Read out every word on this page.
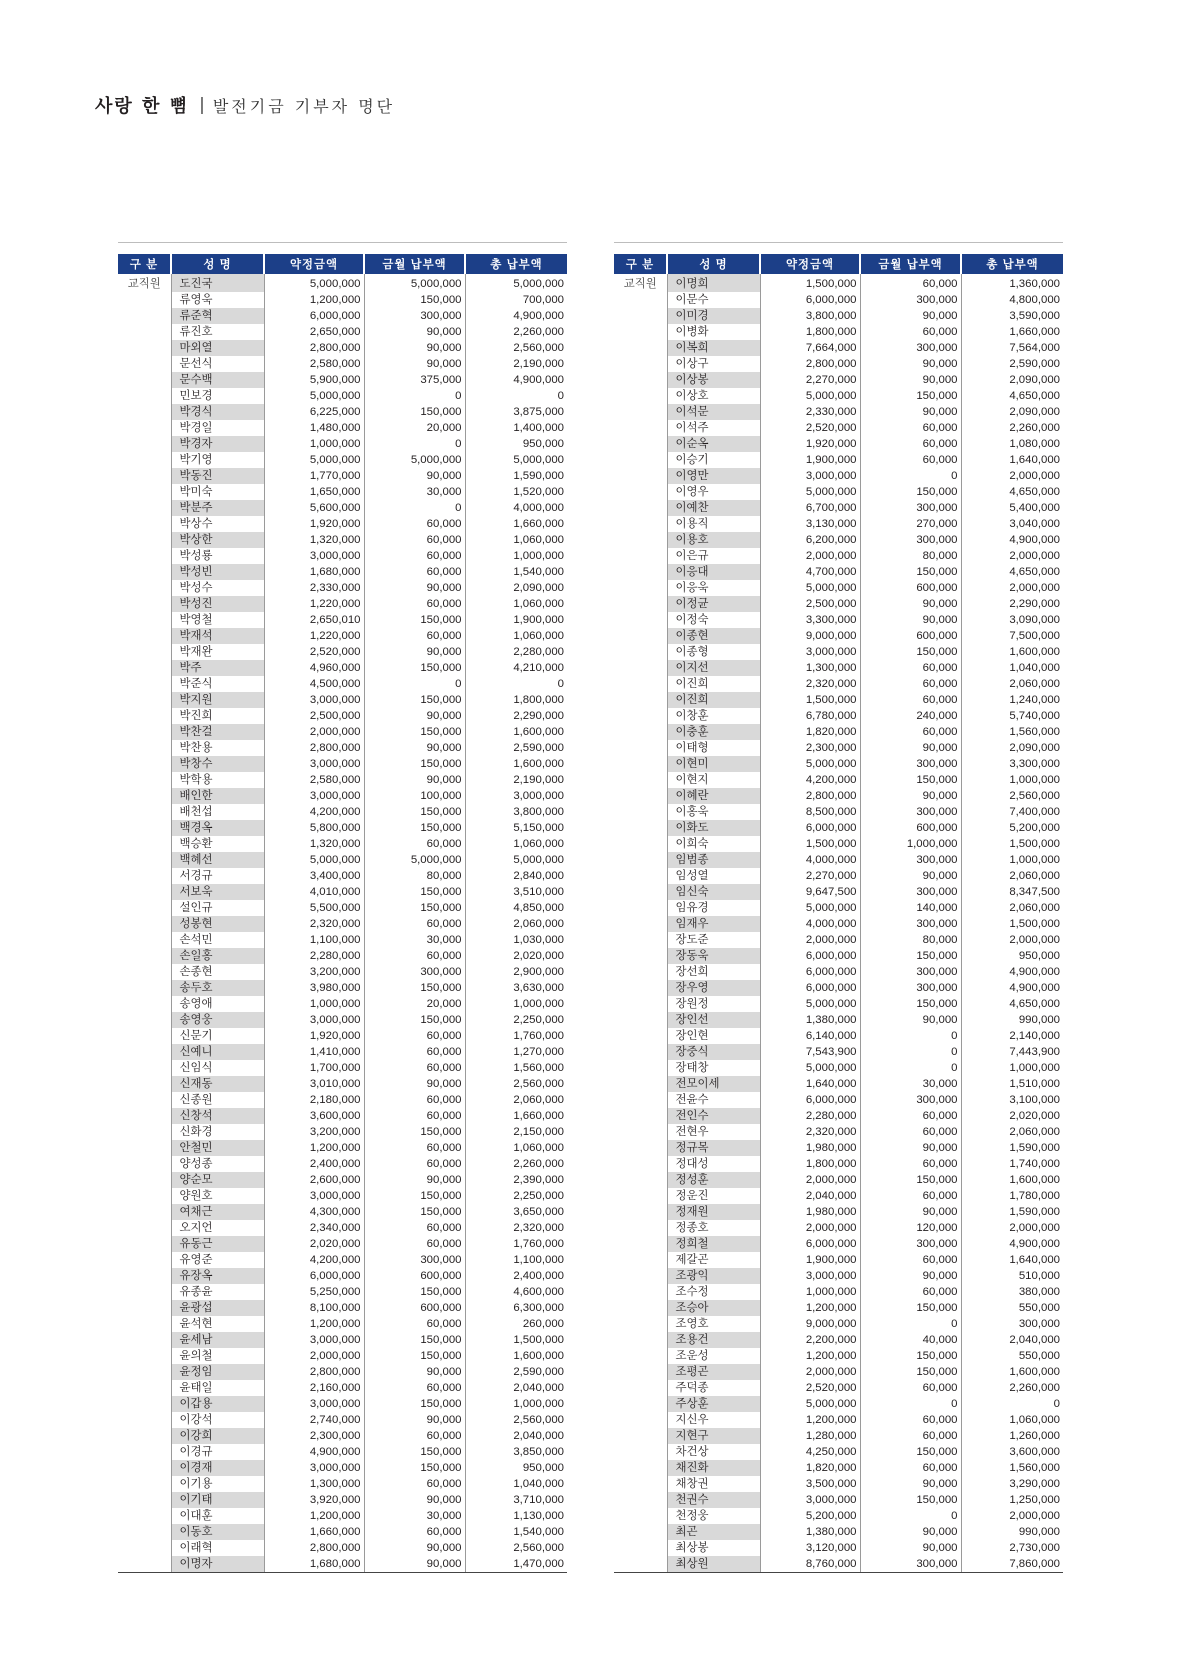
사랑 한 뼘 | 발전기금 기부자 명단
구 분	성 명	약정금액	금월 납부액	총 납부액
교직원	도진국	5,000,000	5,000,000	5,000,000
	류영욱	1,200,000	150,000	700,000
	류준혁	6,000,000	300,000	4,900,000
	류진호	2,650,000	90,000	2,260,000
	마외열	2,800,000	90,000	2,560,000
	문선식	2,580,000	90,000	2,190,000
	문수백	5,900,000	375,000	4,900,000
	민보경	5,000,000	0	0
	박경식	6,225,000	150,000	3,875,000
	박경일	1,480,000	20,000	1,400,000
	박경자	1,000,000	0	950,000
	박기영	5,000,000	5,000,000	5,000,000
	박동진	1,770,000	90,000	1,590,000
	박미숙	1,650,000	30,000	1,520,000
	박분주	5,600,000	0	4,000,000
	박상수	1,920,000	60,000	1,660,000
	박상한	1,320,000	60,000	1,060,000
	박성룡	3,000,000	60,000	1,000,000
	박성빈	1,680,000	60,000	1,540,000
	박성수	2,330,000	90,000	2,090,000
	박성진	1,220,000	60,000	1,060,000
	박영철	2,650,010	150,000	1,900,000
	박재석	1,220,000	60,000	1,060,000
	박재완	2,520,000	90,000	2,280,000
	박주	4,960,000	150,000	4,210,000
	박준식	4,500,000	0	0
	박지원	3,000,000	150,000	1,800,000
	박진희	2,500,000	90,000	2,290,000
	박찬걸	2,000,000	150,000	1,600,000
	박찬용	2,800,000	90,000	2,590,000
	박창수	3,000,000	150,000	1,600,000
	박학용	2,580,000	90,000	2,190,000
	배인한	3,000,000	100,000	3,000,000
	배천섭	4,200,000	150,000	3,800,000
	백경옥	5,800,000	150,000	5,150,000
	백승환	1,320,000	60,000	1,060,000
	백혜선	5,000,000	5,000,000	5,000,000
	서경규	3,400,000	80,000	2,840,000
	서보욱	4,010,000	150,000	3,510,000
	설인규	5,500,000	150,000	4,850,000
	성봉현	2,320,000	60,000	2,060,000
	손석민	1,100,000	30,000	1,030,000
	손일홍	2,280,000	60,000	2,020,000
	손종현	3,200,000	300,000	2,900,000
	송두호	3,980,000	150,000	3,630,000
	송영애	1,000,000	20,000	1,000,000
	송영웅	3,000,000	150,000	2,250,000
	신문기	1,920,000	60,000	1,760,000
	신예니	1,410,000	60,000	1,270,000
	신임식	1,700,000	60,000	1,560,000
	신재동	3,010,000	90,000	2,560,000
	신종원	2,180,000	60,000	2,060,000
	신창석	3,600,000	60,000	1,660,000
	신화경	3,200,000	150,000	2,150,000
	안철민	1,200,000	60,000	1,060,000
	양성종	2,400,000	60,000	2,260,000
	양순모	2,600,000	90,000	2,390,000
	양원호	3,000,000	150,000	2,250,000
	여채근	4,300,000	150,000	3,650,000
	오지언	2,340,000	60,000	2,320,000
	유동근	2,020,000	60,000	1,760,000
	유영준	4,200,000	300,000	1,100,000
	유장옥	6,000,000	600,000	2,400,000
	유종윤	5,250,000	150,000	4,600,000
	윤광섭	8,100,000	600,000	6,300,000
	윤석현	1,200,000	60,000	260,000
	윤세남	3,000,000	150,000	1,500,000
	윤의철	2,000,000	150,000	1,600,000
	윤정임	2,800,000	90,000	2,590,000
	윤태일	2,160,000	60,000	2,040,000
	이갑용	3,000,000	150,000	1,000,000
	이강석	2,740,000	90,000	2,560,000
	이강희	2,300,000	60,000	2,040,000
	이경규	4,900,000	150,000	3,850,000
	이경재	3,000,000	150,000	950,000
	이기용	1,300,000	60,000	1,040,000
	이기태	3,920,000	90,000	3,710,000
	이대훈	1,200,000	30,000	1,130,000
	이동호	1,660,000	60,000	1,540,000
	이래혁	2,800,000	90,000	2,560,000
	이명자	1,680,000	90,000	1,470,000
구 분	성 명	약정금액	금월 납부액	총 납부액
교직원	이명희	1,500,000	60,000	1,360,000
	이문수	6,000,000	300,000	4,800,000
	이미경	3,800,000	90,000	3,590,000
	이병화	1,800,000	60,000	1,660,000
	이복희	7,664,000	300,000	7,564,000
	이상구	2,800,000	90,000	2,590,000
	이상봉	2,270,000	90,000	2,090,000
	이상호	5,000,000	150,000	4,650,000
	이석문	2,330,000	90,000	2,090,000
	이석주	2,520,000	60,000	2,260,000
	이순옥	1,920,000	60,000	1,080,000
	이승기	1,900,000	60,000	1,640,000
	이영만	3,000,000	0	2,000,000
	이영우	5,000,000	150,000	4,650,000
	이예찬	6,700,000	300,000	5,400,000
	이용직	3,130,000	270,000	3,040,000
	이용호	6,200,000	300,000	4,900,000
	이은규	2,000,000	80,000	2,000,000
	이응대	4,700,000	150,000	4,650,000
	이응욱	5,000,000	600,000	2,000,000
	이정균	2,500,000	90,000	2,290,000
	이정숙	3,300,000	90,000	3,090,000
	이종현	9,000,000	600,000	7,500,000
	이종형	3,000,000	150,000	1,600,000
	이지선	1,300,000	60,000	1,040,000
	이진희	2,320,000	60,000	2,060,000
	이진희	1,500,000	60,000	1,240,000
	이창훈	6,780,000	240,000	5,740,000
	이충훈	1,820,000	60,000	1,560,000
	이태형	2,300,000	90,000	2,090,000
	이현미	5,000,000	300,000	3,300,000
	이현지	4,200,000	150,000	1,000,000
	이혜란	2,800,000	90,000	2,560,000
	이홍욱	8,500,000	300,000	7,400,000
	이화도	6,000,000	600,000	5,200,000
	이희숙	1,500,000	1,000,000	1,500,000
	임범종	4,000,000	300,000	1,000,000
	임성열	2,270,000	90,000	2,060,000
	임신숙	9,647,500	300,000	8,347,500
	임유경	5,000,000	140,000	2,060,000
	임재우	4,000,000	300,000	1,500,000
	장도준	2,000,000	80,000	2,000,000
	장동욱	6,000,000	150,000	950,000
	장선희	6,000,000	300,000	4,900,000
	장우영	6,000,000	300,000	4,900,000
	장원정	5,000,000	150,000	4,650,000
	장인선	1,380,000	90,000	990,000
	장인현	6,140,000	0	2,140,000
	장중식	7,543,900	0	7,443,900
	장태창	5,000,000	0	1,000,000
	전모이세	1,640,000	30,000	1,510,000
	전윤수	6,000,000	300,000	3,100,000
	전인수	2,280,000	60,000	2,020,000
	전현우	2,320,000	60,000	2,060,000
	정규목	1,980,000	90,000	1,590,000
	정대성	1,800,000	60,000	1,740,000
	정성훈	2,000,000	150,000	1,600,000
	정운진	2,040,000	60,000	1,780,000
	정재원	1,980,000	90,000	1,590,000
	정종호	2,000,000	120,000	2,000,000
	정희철	6,000,000	300,000	4,900,000
	제갈곤	1,900,000	60,000	1,640,000
	조광익	3,000,000	90,000	510,000
	조수정	1,000,000	60,000	380,000
	조승아	1,200,000	150,000	550,000
	조영호	9,000,000	0	300,000
	조용건	2,200,000	40,000	2,040,000
	조운성	1,200,000	150,000	550,000
	조평곤	2,000,000	150,000	1,600,000
	주덕종	2,520,000	60,000	2,260,000
	주상훈	5,000,000	0	0
	지신우	1,200,000	60,000	1,060,000
	지현구	1,280,000	60,000	1,260,000
	차건상	4,250,000	150,000	3,600,000
	채진화	1,820,000	60,000	1,560,000
	채창권	3,500,000	90,000	3,290,000
	천권수	3,000,000	150,000	1,250,000
	천정웅	5,200,000	0	2,000,000
	최곤	1,380,000	90,000	990,000
	최상봉	3,120,000	90,000	2,730,000
	최상원	8,760,000	300,000	7,860,000
